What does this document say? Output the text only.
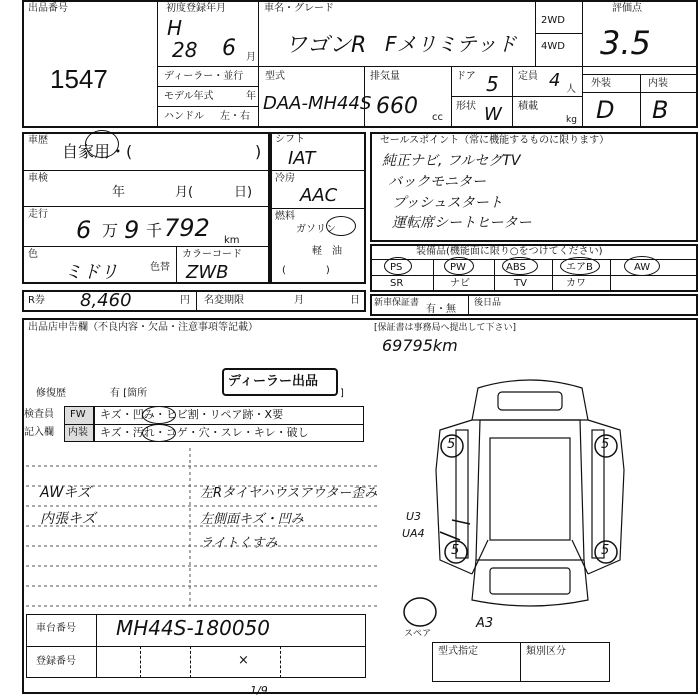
出品番号
1547
初度登録年月
H
28 6 月
ディーラー・並行
モデル年式	年
ハンドル 左・右
車名・グレード
ワゴンR Fメリミテッド
2WD
4WD
評価点
3.5
外装	内装
D B
型式
DAA-MH44S
排気量
660 cc
ドア 5 定員 4 人
形状 W 積載
kg
車歴
自家用・(	)
車検
年	月(	日)
走行
6 万 9 千 792 km
色
ミドリ	色替
カラーコード
ZWB
シフト
IAT
冷房
AAC
燃料
ガソリン
軽　油
(　　　　)
セールスポイント（常に機能するものに限ります）
純正ナビ, フルセグTV
バックモニター
プッシュスタート
運転席シートヒーター
装備品(機能面に限り○をつけてください)
PS	PW	ABS	エアB	AW
SR	ナビ	TV	カワ
R券 8,460	円 名変期限	月	日 新車保証書
有・無
後日品
出品店申告欄（不良内容・欠品・注意事項等記載）	[保証書は事務局へ提出して下さい]
69795km
修復歴	有 [箇所
ディーラー出品
]
検査員
記入欄
FW キズ・凹み・ヒビ割・リペア跡・X要
内装 キズ・汚れ・コゲ・穴・スレ・キレ・破し
AWキズ
内張キズ
左Rタイヤハウスアウター歪み
左側面キズ・凹み
ライトくすみ
5	5
5	5
U3
UA4
スペア
A3
車台番号 MH44S-180050
登録番号	×
型式指定	類別区分
1/9
